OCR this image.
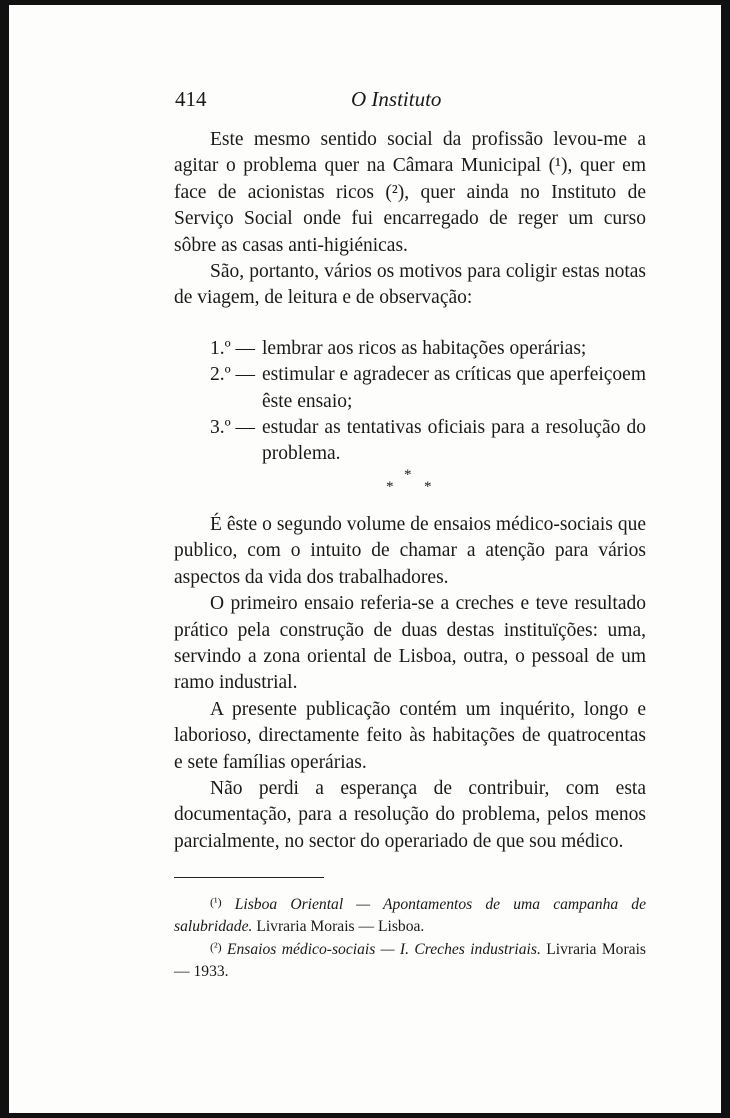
414	O Instituto

Este mesmo sentido social da profissão levou-me a agitar o problema quer na Câmara Municipal (¹), quer em face de acionistas ricos (²), quer ainda no Instituto de Serviço Social onde fui encarregado de reger um curso sôbre as casas anti-higiénicas.

São, portanto, vários os motivos para coligir estas notas de viagem, de leitura e de observação:

1.º — lembrar aos ricos as habitações operárias;
2.º — estimular e agradecer as críticas que aperfeiçoem êste ensaio;
3.º — estudar as tentativas oficiais para a resolução do problema.
*
* *

É êste o segundo volume de ensaios médico-sociais que publico, com o intuito de chamar a atenção para vários aspectos da vida dos trabalhadores.

O primeiro ensaio referia-se a creches e teve resultado prático pela construção de duas destas instituïções: uma, servindo a zona oriental de Lisboa, outra, o pessoal de um ramo industrial.

A presente publicação contém um inquérito, longo e laborioso, directamente feito às habitações de quatrocentas e sete famílias operárias.

Não perdi a esperança de contribuir, com esta documentação, para a resolução do problema, pelos menos parcialmente, no sector do operariado de que sou médico.

(¹) Lisboa Oriental — Apontamentos de uma campanha de salubridade. Livraria Morais — Lisboa.

(²) Ensaios médico-sociais — I. Creches industriais. Livraria Morais — 1933.
